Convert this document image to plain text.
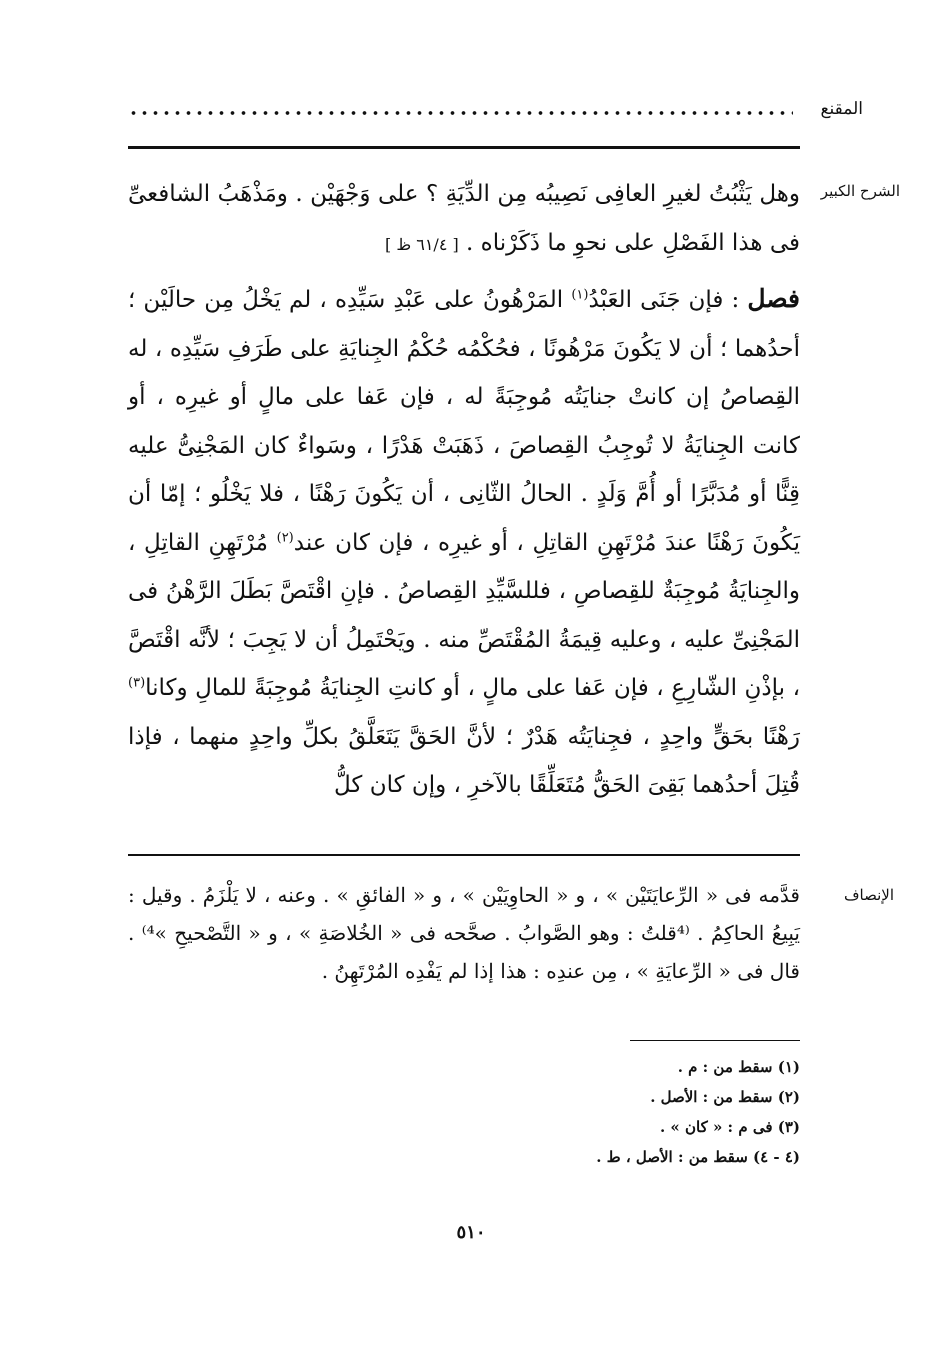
المقنع
الشرح الكبير

وهل يَثْبُتُ لغيرِ العافِى نَصِيبُه مِن الدِّيَةِ ؟ على وَجْهَيْن . ومَذْهَبُ الشافعىِّ فى هذا الفَصْلِ على نحوِ ما ذَكَرْناه . [ ٦١/٤ ظ ]

فصل : فإن جَنَى العَبْدُ$^{(١)}$ المَرْهُونُ على عَبْدِ سَيِّدِه ، لم يَخْلُ مِن حالَيْن ؛ أحدُهما ؛ أن لا يَكُونَ مَرْهُونًا ، فحُكْمُه حُكْمُ الجِنايَةِ على طَرَفِ سَيِّدِه ، له القِصاصُ إن كانتْ جنايَتُه مُوجِبَةً له ، فإن عَفا على مالٍ أو غيرِه ، أو كانت الجِنايَةُ لا تُوجِبُ القِصاصَ ، ذَهَبَتْ هَدْرًا ، وسَواءٌ كان المَجْنِىُّ عليه قِنًّا أو مُدَبَّرًا أو أُمَّ وَلَدٍ . الحالُ الثّانِى ، أن يَكُونَ رَهْنًا ، فلا يَخْلُو ؛ إمّا أن يَكُونَ رَهْنًا عندَ مُرْتَهِنِ القاتِلِ ، أو غيرِه ، فإن كان عند$^{(٢)}$ مُرْتَهِنِ القاتِلِ ، والجِنايَةُ مُوجِبَةٌ للقِصاصِ ، فللسَّيِّدِ القِصاصُ . فإنِ اقْتَصَّ بَطَلَ الرَّهْنُ فى المَجْنِىِّ عليه ، وعليه قِيمَةُ المُقْتَصِّ منه . ويَحْتَمِلُ أن لا يَجِبَ ؛ لأنَّه اقْتَصَّ ، بإذْنِ الشّارِعِ ، فإن عَفا على مالٍ ، أو كانتِ الجِنايَةُ مُوجِبَةً للمالِ وكانا$^{(٣)}$ رَهْنًا بحَقٍّ واحِدٍ ، فجِنايَتُه هَدْرٌ ؛ لأنَّ الحَقَّ يَتَعَلَّقُ بكلِّ واحِدٍ منهما ، فإذا قُتِلَ أحدُهما بَقِىَ الحَقُّ مُتَعَلِّقًا بالآخرِ ، وإن كان كلُّ

الإنصاف

قدَّمه فى « الرِّعايَتَيْن » ، و « الحاوِيَيْن » ، و « الفائقِ » . وعنه ، لا يَلْزَمُ . وقيل : يَبِيعُ الحاكِمُ . ⁽⁴قلتُ : وهو الصَّوابُ . صحَّحه فى « الخُلاصَةِ » ، و « التَّصْحيحِ »⁴⁾ . قال فى « الرِّعايَةِ » ، مِن عندِه : هذا إذا لم يَفْدِه المُرْتَهِنُ .

(١) سقط من : م .
(٢) سقط من : الأصل .
(٣) فى م : « كان » .
(٤ - ٤) سقط من : الأصل ، ط .
٥١٠
